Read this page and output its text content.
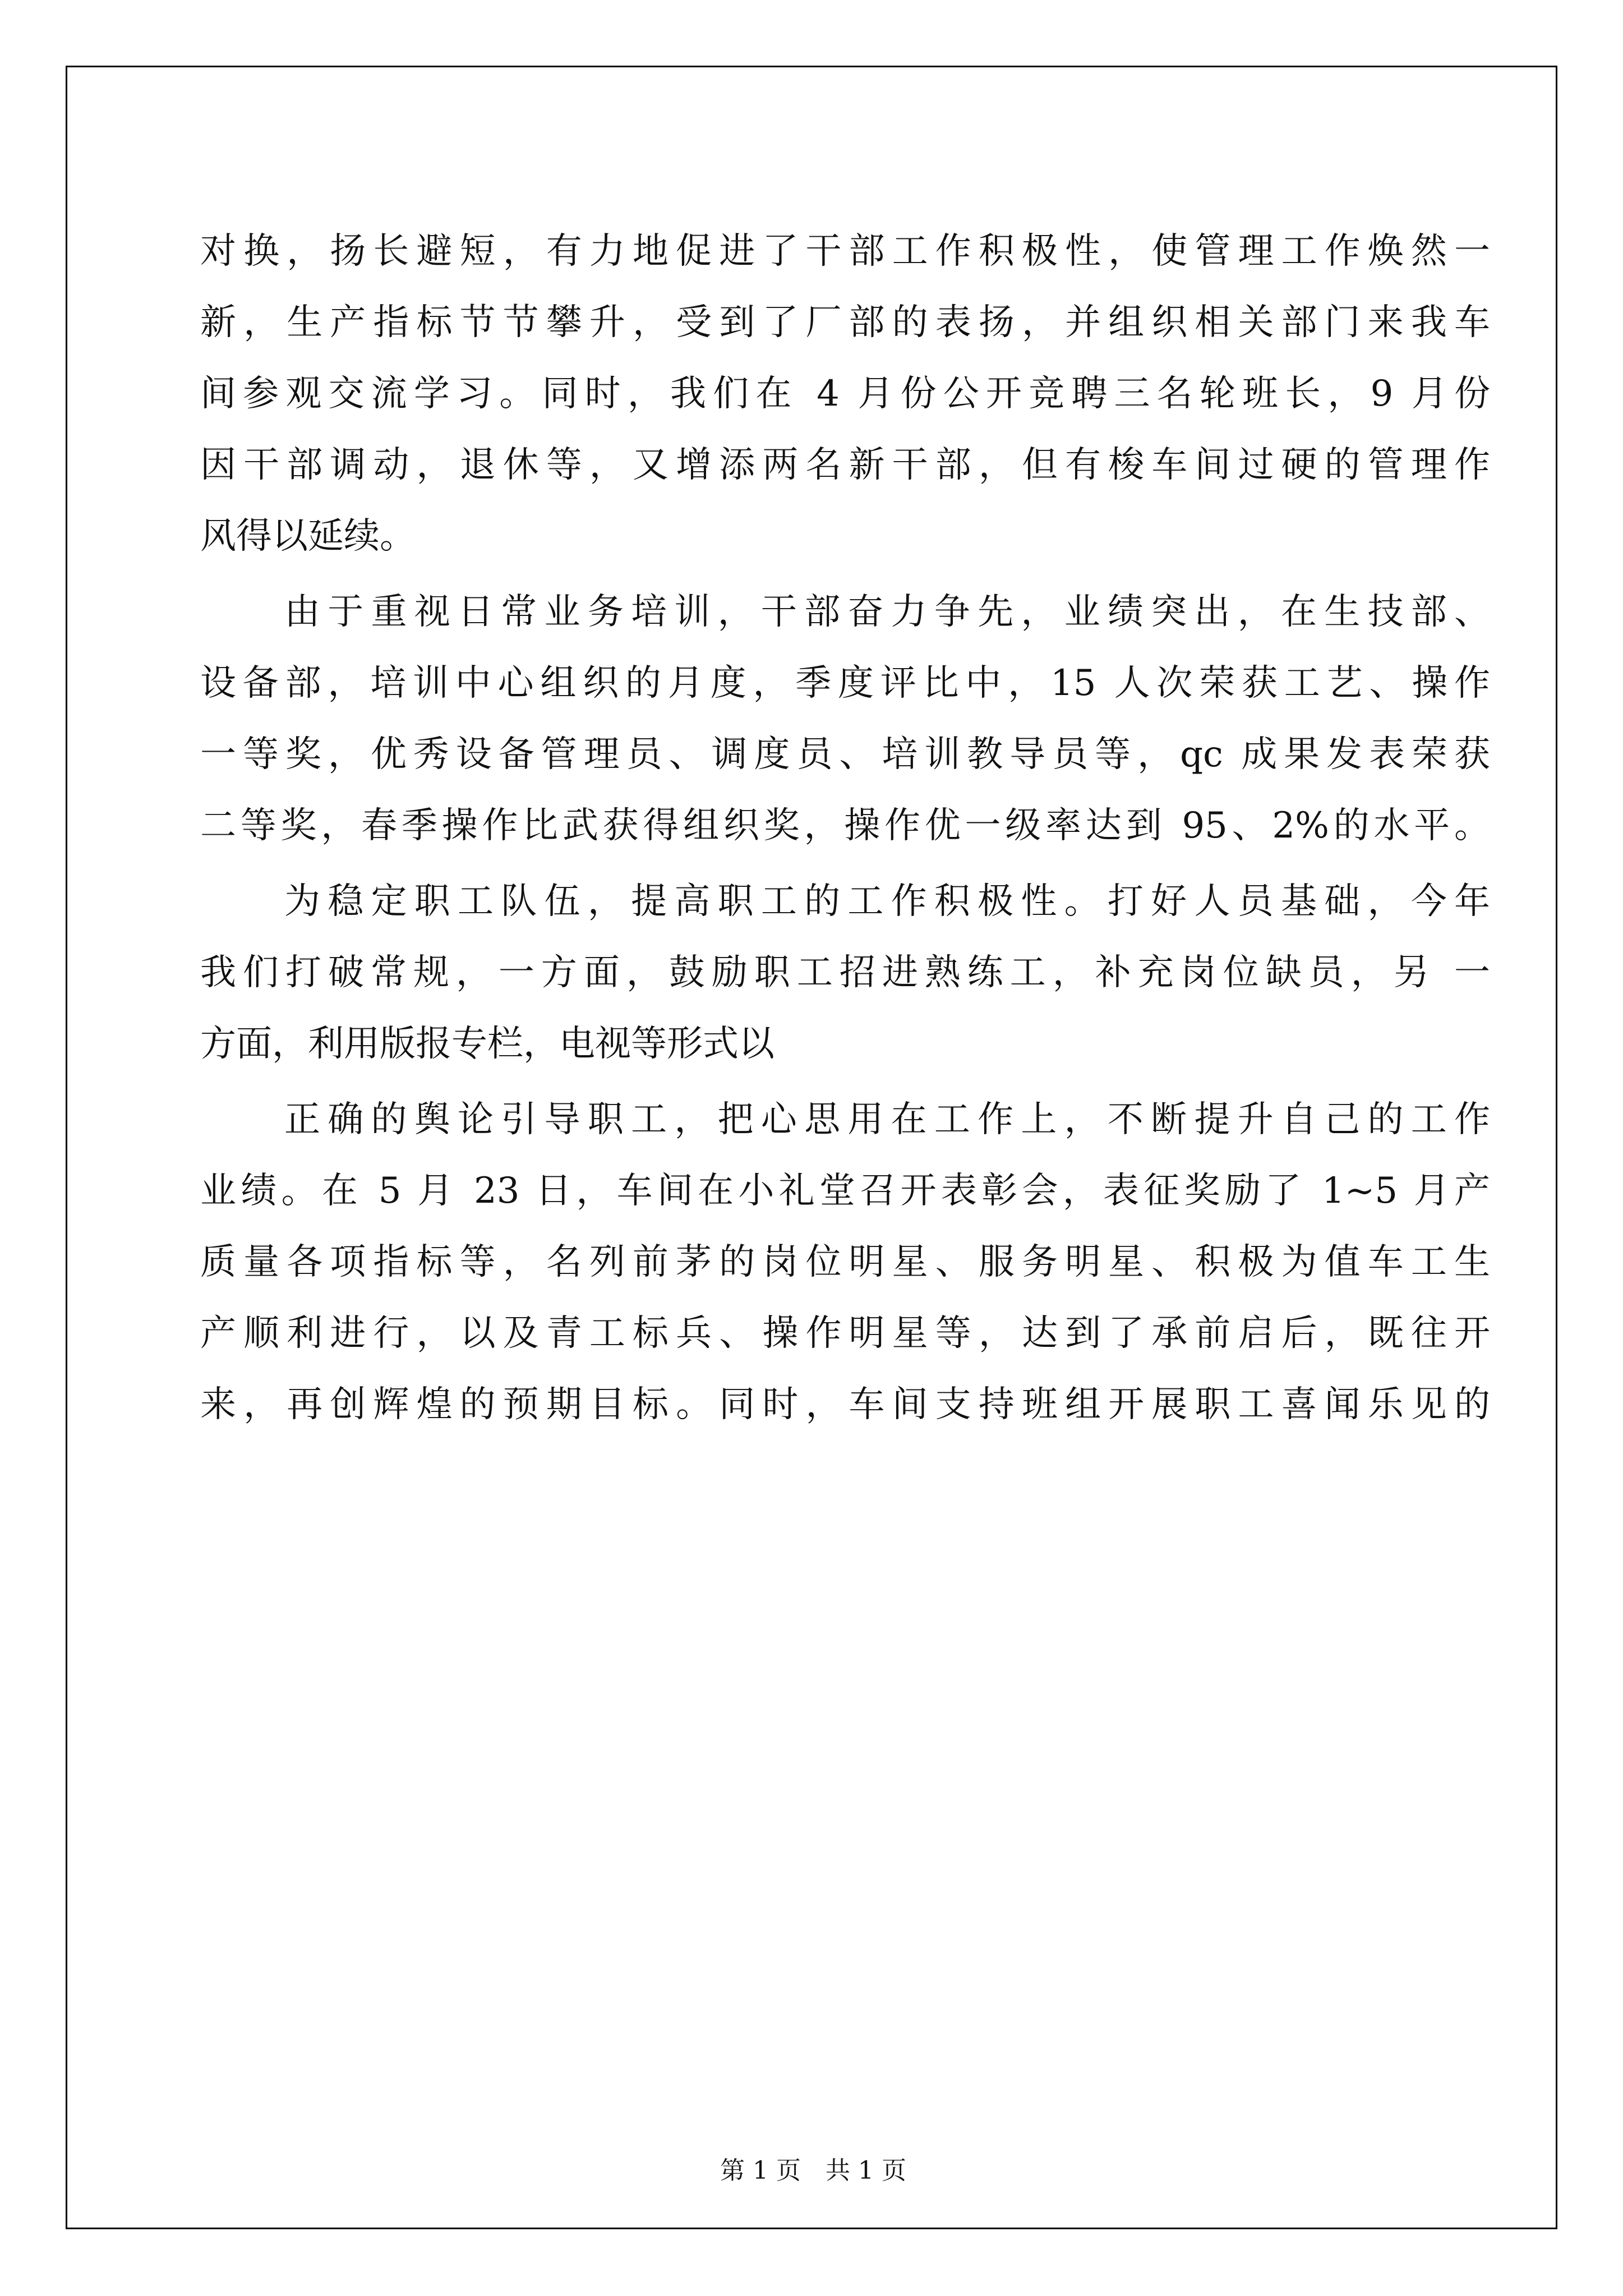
对换，扬长避短，有力地促进了干部工作积极性，使管理工作焕然一
新，生产指标节节攀升，受到了厂部的表扬，并组织相关部门来我车
间参观交流学习。同时，我们在 4 月份公开竞聘三名轮班长，9 月份
因干部调动，退休等，又增添两名新干部，但有梭车间过硬的管理作
风得以延续。
由于重视日常业务培训，干部奋力争先，业绩突出，在生技部、
设备部，培训中心组织的月度，季度评比中，15 人次荣获工艺、操作
一等奖，优秀设备管理员、调度员、培训教导员等，qc 成果发表荣获
二等奖，春季操作比武获得组织奖，操作优一级率达到 95、2%的水平。
为稳定职工队伍，提高职工的工作积极性。打好人员基础，今年
我们打破常规，一方面，鼓励职工招进熟练工，补充岗位缺员，另 一
方面，利用版报专栏，电视等形式以
正确的舆论引导职工，把心思用在工作上，不断提升自己的工作
业绩。在 5 月 23 日，车间在小礼堂召开表彰会，表征奖励了 1~5 月产
质量各项指标等，名列前茅的岗位明星、服务明星、积极为值车工生
产顺利进行，以及青工标兵、操作明星等，达到了承前启后，既往开
来，再创辉煌的预期目标。同时，车间支持班组开展职工喜闻乐见的
第 1 页　共 1 页
